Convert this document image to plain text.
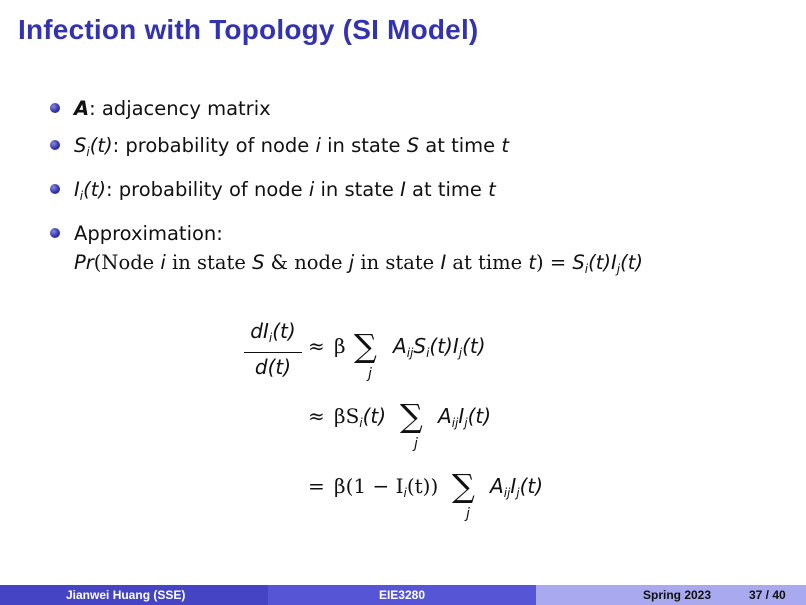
Infection with Topology (SI Model)
A: adjacency matrix
$S_i(t)$: probability of node i in state S at time t
$I_i(t)$: probability of node i in state I at time t
Approximation:
Pr(Node i in state S & node j in state I at time $t) = S_i(t)I_j(t)$
$dI_i(t)$
d(t)
≈ β ∑
j
$A_{ij}S_i(t)I_j(t)$
≈ $\beta S_i(t)$ ∑
j
$A_{ij}I_j(t)$
= $\beta(1 - I_i(t))$ ∑
j
$A_{ij}I_j(t)$
Jianwei Huang (SSE)	EIE3280	Spring 2023	37 / 40
